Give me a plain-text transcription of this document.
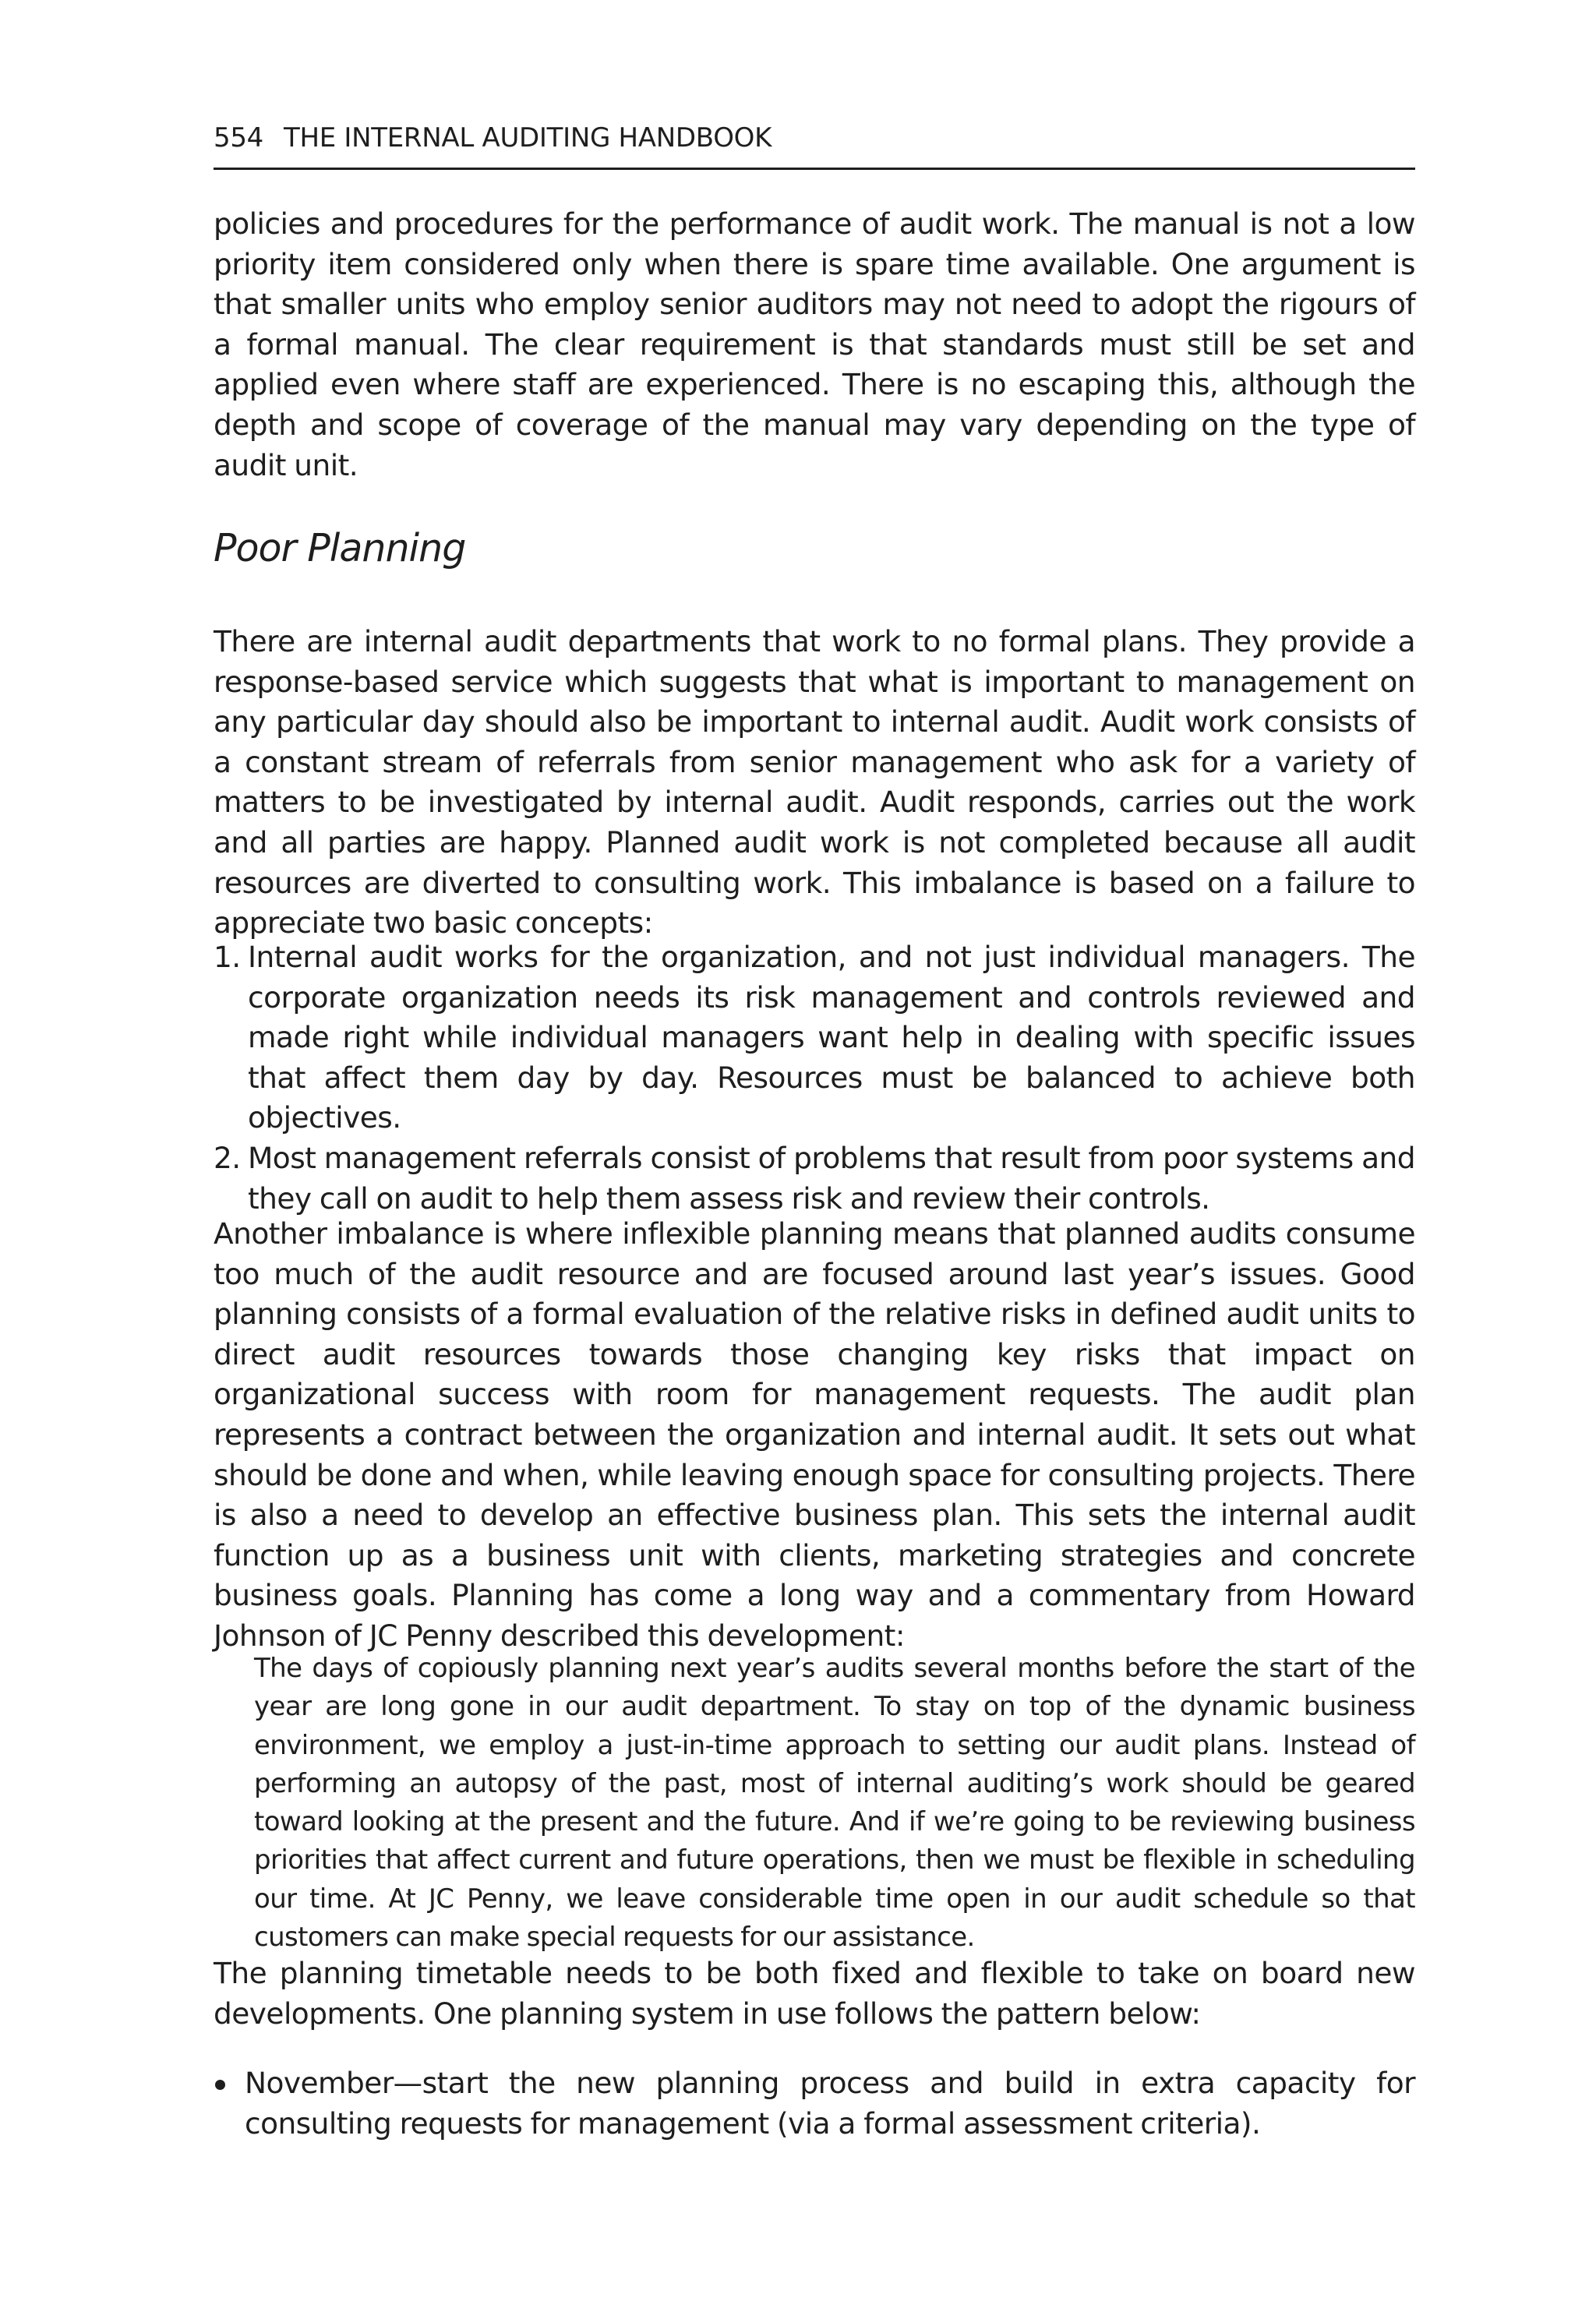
554 THE INTERNAL AUDITING HANDBOOK

policies and procedures for the performance of audit work. The manual is not a low priority item considered only when there is spare time available. One argument is that smaller units who employ senior auditors may not need to adopt the rigours of a formal manual. The clear requirement is that standards must still be set and applied even where staff are experienced. There is no escaping this, although the depth and scope of coverage of the manual may vary depending on the type of audit unit.

Poor Planning

There are internal audit departments that work to no formal plans. They provide a response-based service which suggests that what is important to management on any particular day should also be important to internal audit. Audit work consists of a constant stream of referrals from senior management who ask for a variety of matters to be investigated by internal audit. Audit responds, carries out the work and all parties are happy. Planned audit work is not completed because all audit resources are diverted to consulting work. This imbalance is based on a failure to appreciate two basic concepts:

1. Internal audit works for the organization, and not just individual managers. The corporate organization needs its risk management and controls reviewed and made right while individual managers want help in dealing with specific issues that affect them day by day. Resources must be balanced to achieve both objectives.
2. Most management referrals consist of problems that result from poor systems and they call on audit to help them assess risk and review their controls.

Another imbalance is where inflexible planning means that planned audits consume too much of the audit resource and are focused around last year’s issues. Good planning consists of a formal evaluation of the relative risks in defined audit units to direct audit resources towards those changing key risks that impact on organizational success with room for management requests. The audit plan represents a contract between the organization and internal audit. It sets out what should be done and when, while leaving enough space for consulting projects. There is also a need to develop an effective business plan. This sets the internal audit function up as a business unit with clients, marketing strategies and concrete business goals. Planning has come a long way and a commentary from Howard Johnson of JC Penny described this development:

The days of copiously planning next year’s audits several months before the start of the year are long gone in our audit department. To stay on top of the dynamic business environment, we employ a just-in-time approach to setting our audit plans. Instead of performing an autopsy of the past, most of internal auditing’s work should be geared toward looking at the present and the future. And if we’re going to be reviewing business priorities that affect current and future operations, then we must be flexible in scheduling our time. At JC Penny, we leave considerable time open in our audit schedule so that customers can make special requests for our assistance.

The planning timetable needs to be both fixed and flexible to take on board new developments. One planning system in use follows the pattern below:

November—start the new planning process and build in extra capacity for consulting requests for management (via a formal assessment criteria).
